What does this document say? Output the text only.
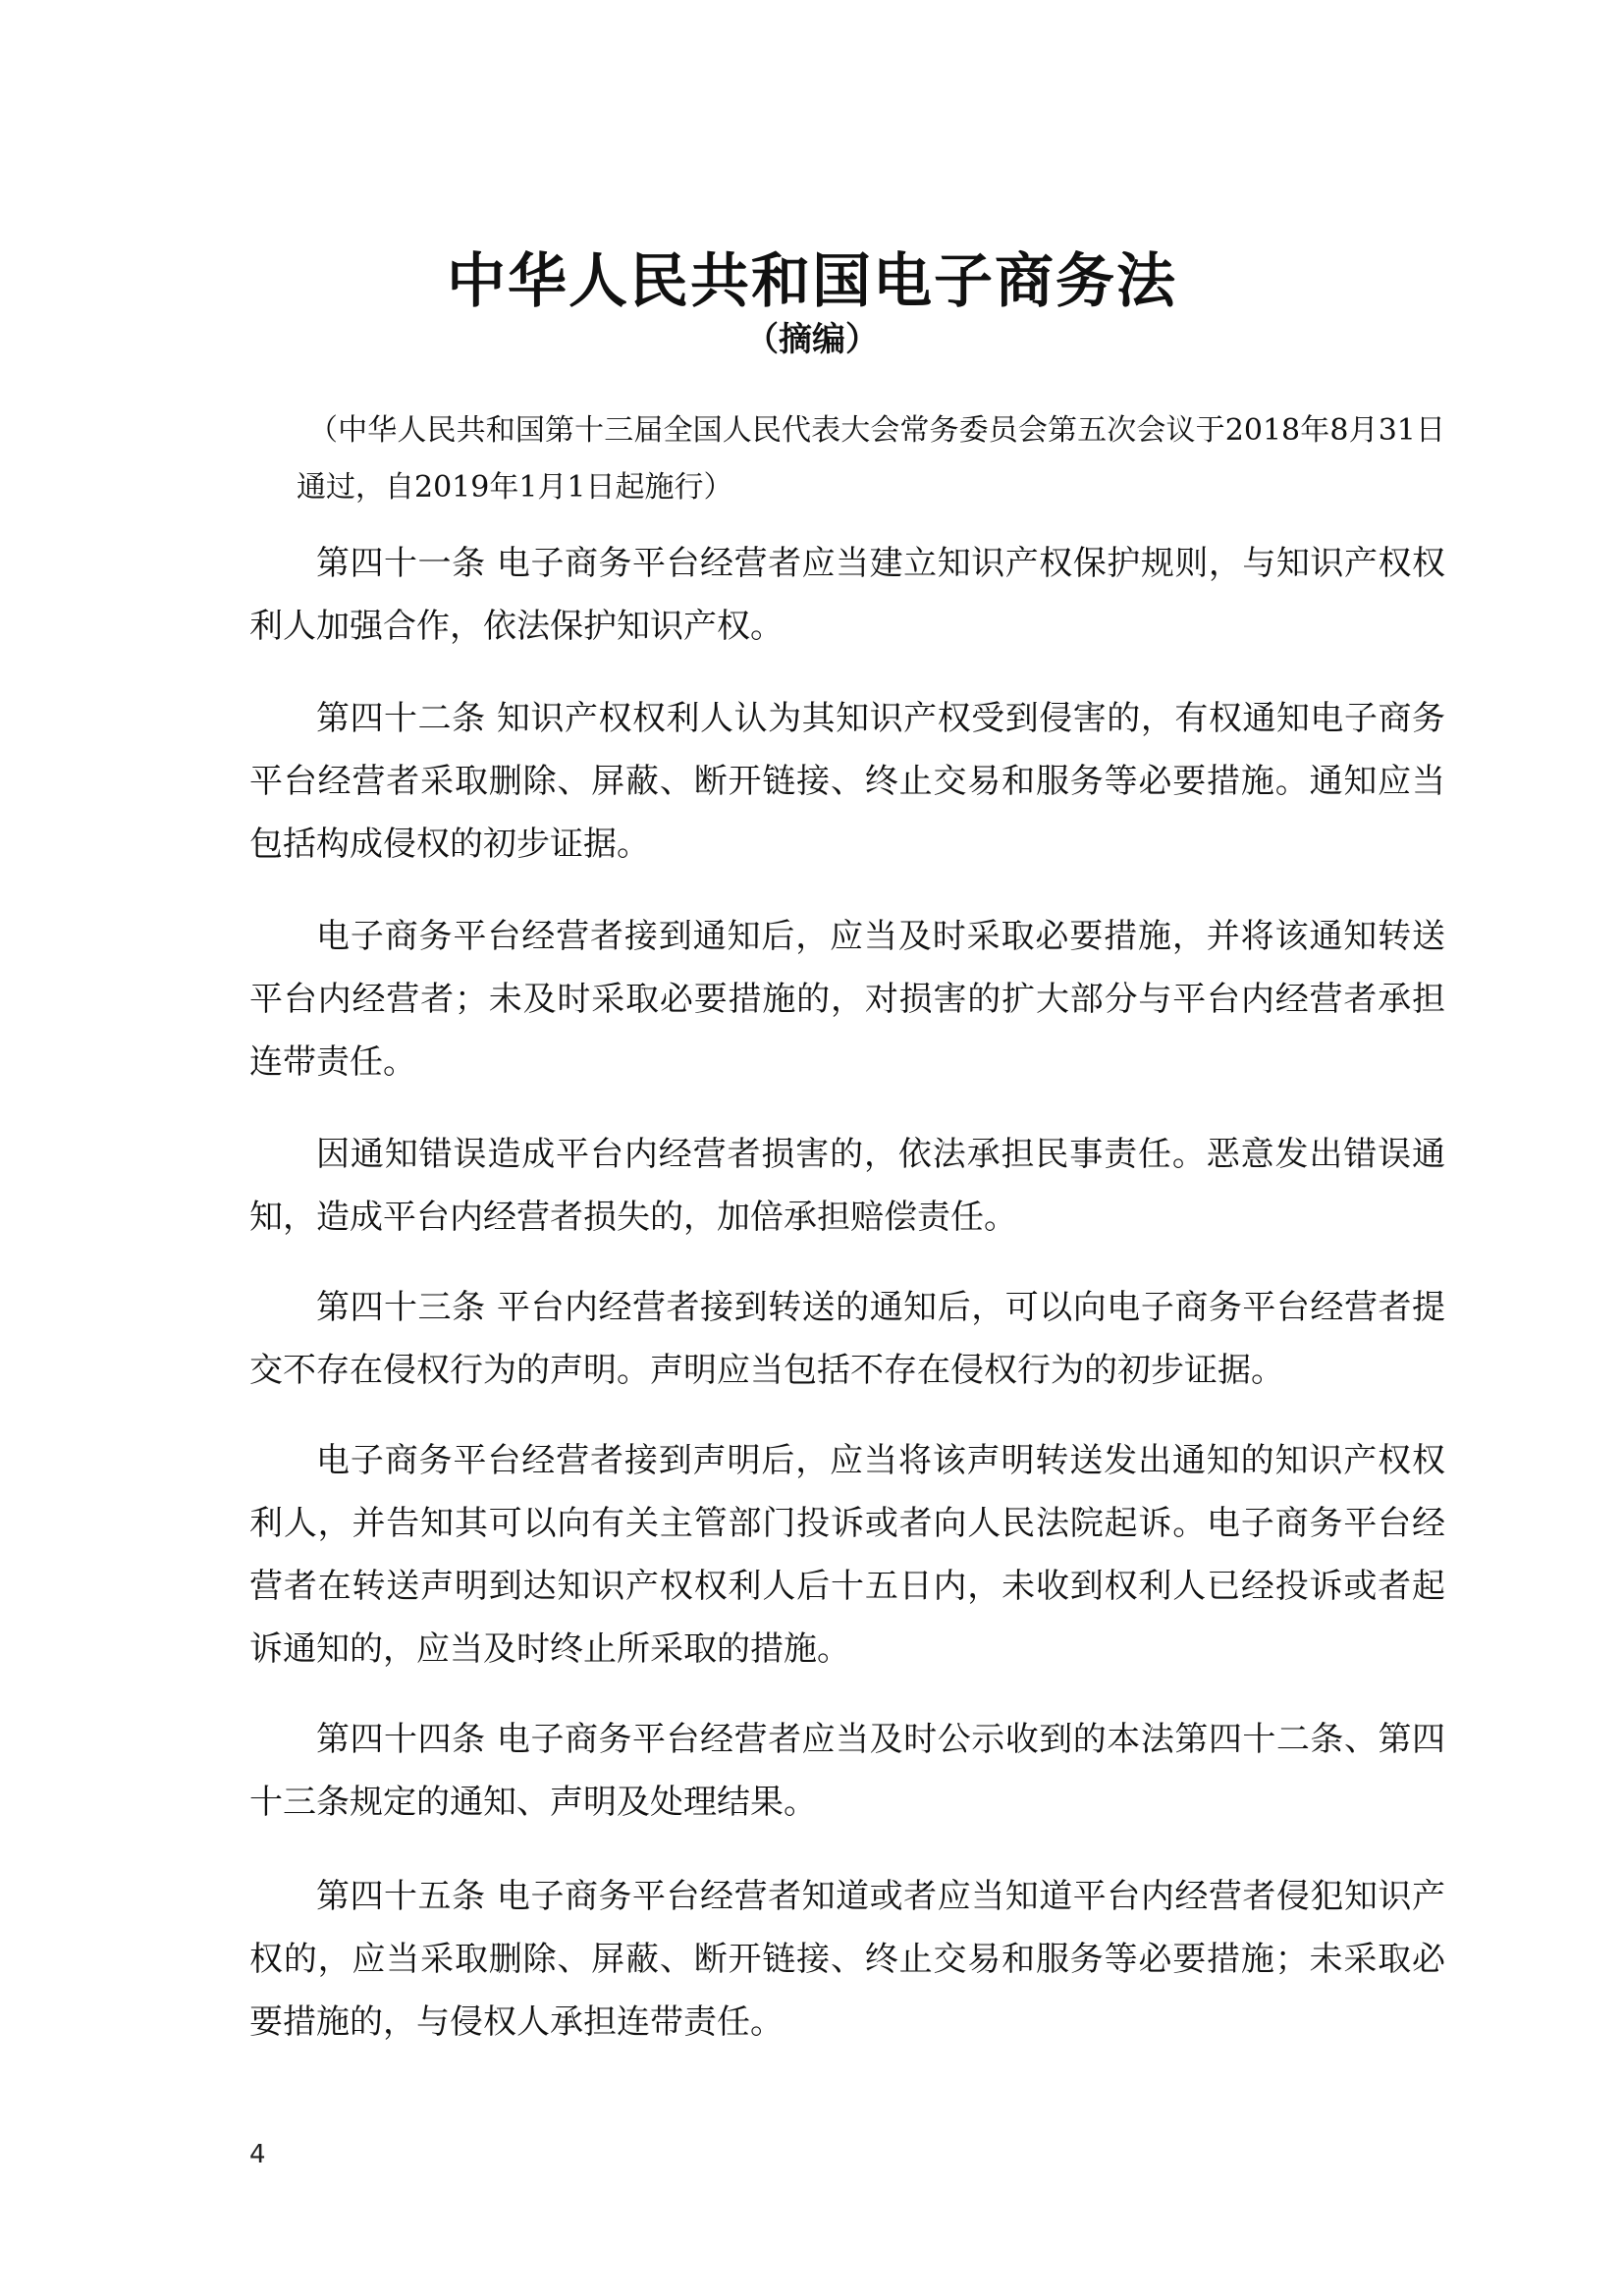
中华人民共和国电子商务法
（摘编）
（中华人民共和国第十三届全国人民代表大会常务委员会第五次会议于2018年8月31日通过，自2019年1月1日起施行）

第四十一条 电子商务平台经营者应当建立知识产权保护规则，与知识产权权利人加强合作，依法保护知识产权。

第四十二条 知识产权权利人认为其知识产权受到侵害的，有权通知电子商务平台经营者采取删除、屏蔽、断开链接、终止交易和服务等必要措施。通知应当包括构成侵权的初步证据。

电子商务平台经营者接到通知后，应当及时采取必要措施，并将该通知转送平台内经营者；未及时采取必要措施的，对损害的扩大部分与平台内经营者承担连带责任。

因通知错误造成平台内经营者损害的，依法承担民事责任。恶意发出错误通知，造成平台内经营者损失的，加倍承担赔偿责任。

第四十三条 平台内经营者接到转送的通知后，可以向电子商务平台经营者提交不存在侵权行为的声明。声明应当包括不存在侵权行为的初步证据。

电子商务平台经营者接到声明后，应当将该声明转送发出通知的知识产权权利人，并告知其可以向有关主管部门投诉或者向人民法院起诉。电子商务平台经营者在转送声明到达知识产权权利人后十五日内，未收到权利人已经投诉或者起诉通知的，应当及时终止所采取的措施。

第四十四条 电子商务平台经营者应当及时公示收到的本法第四十二条、第四十三条规定的通知、声明及处理结果。

第四十五条 电子商务平台经营者知道或者应当知道平台内经营者侵犯知识产权的，应当采取删除、屏蔽、断开链接、终止交易和服务等必要措施；未采取必要措施的，与侵权人承担连带责任。

4
